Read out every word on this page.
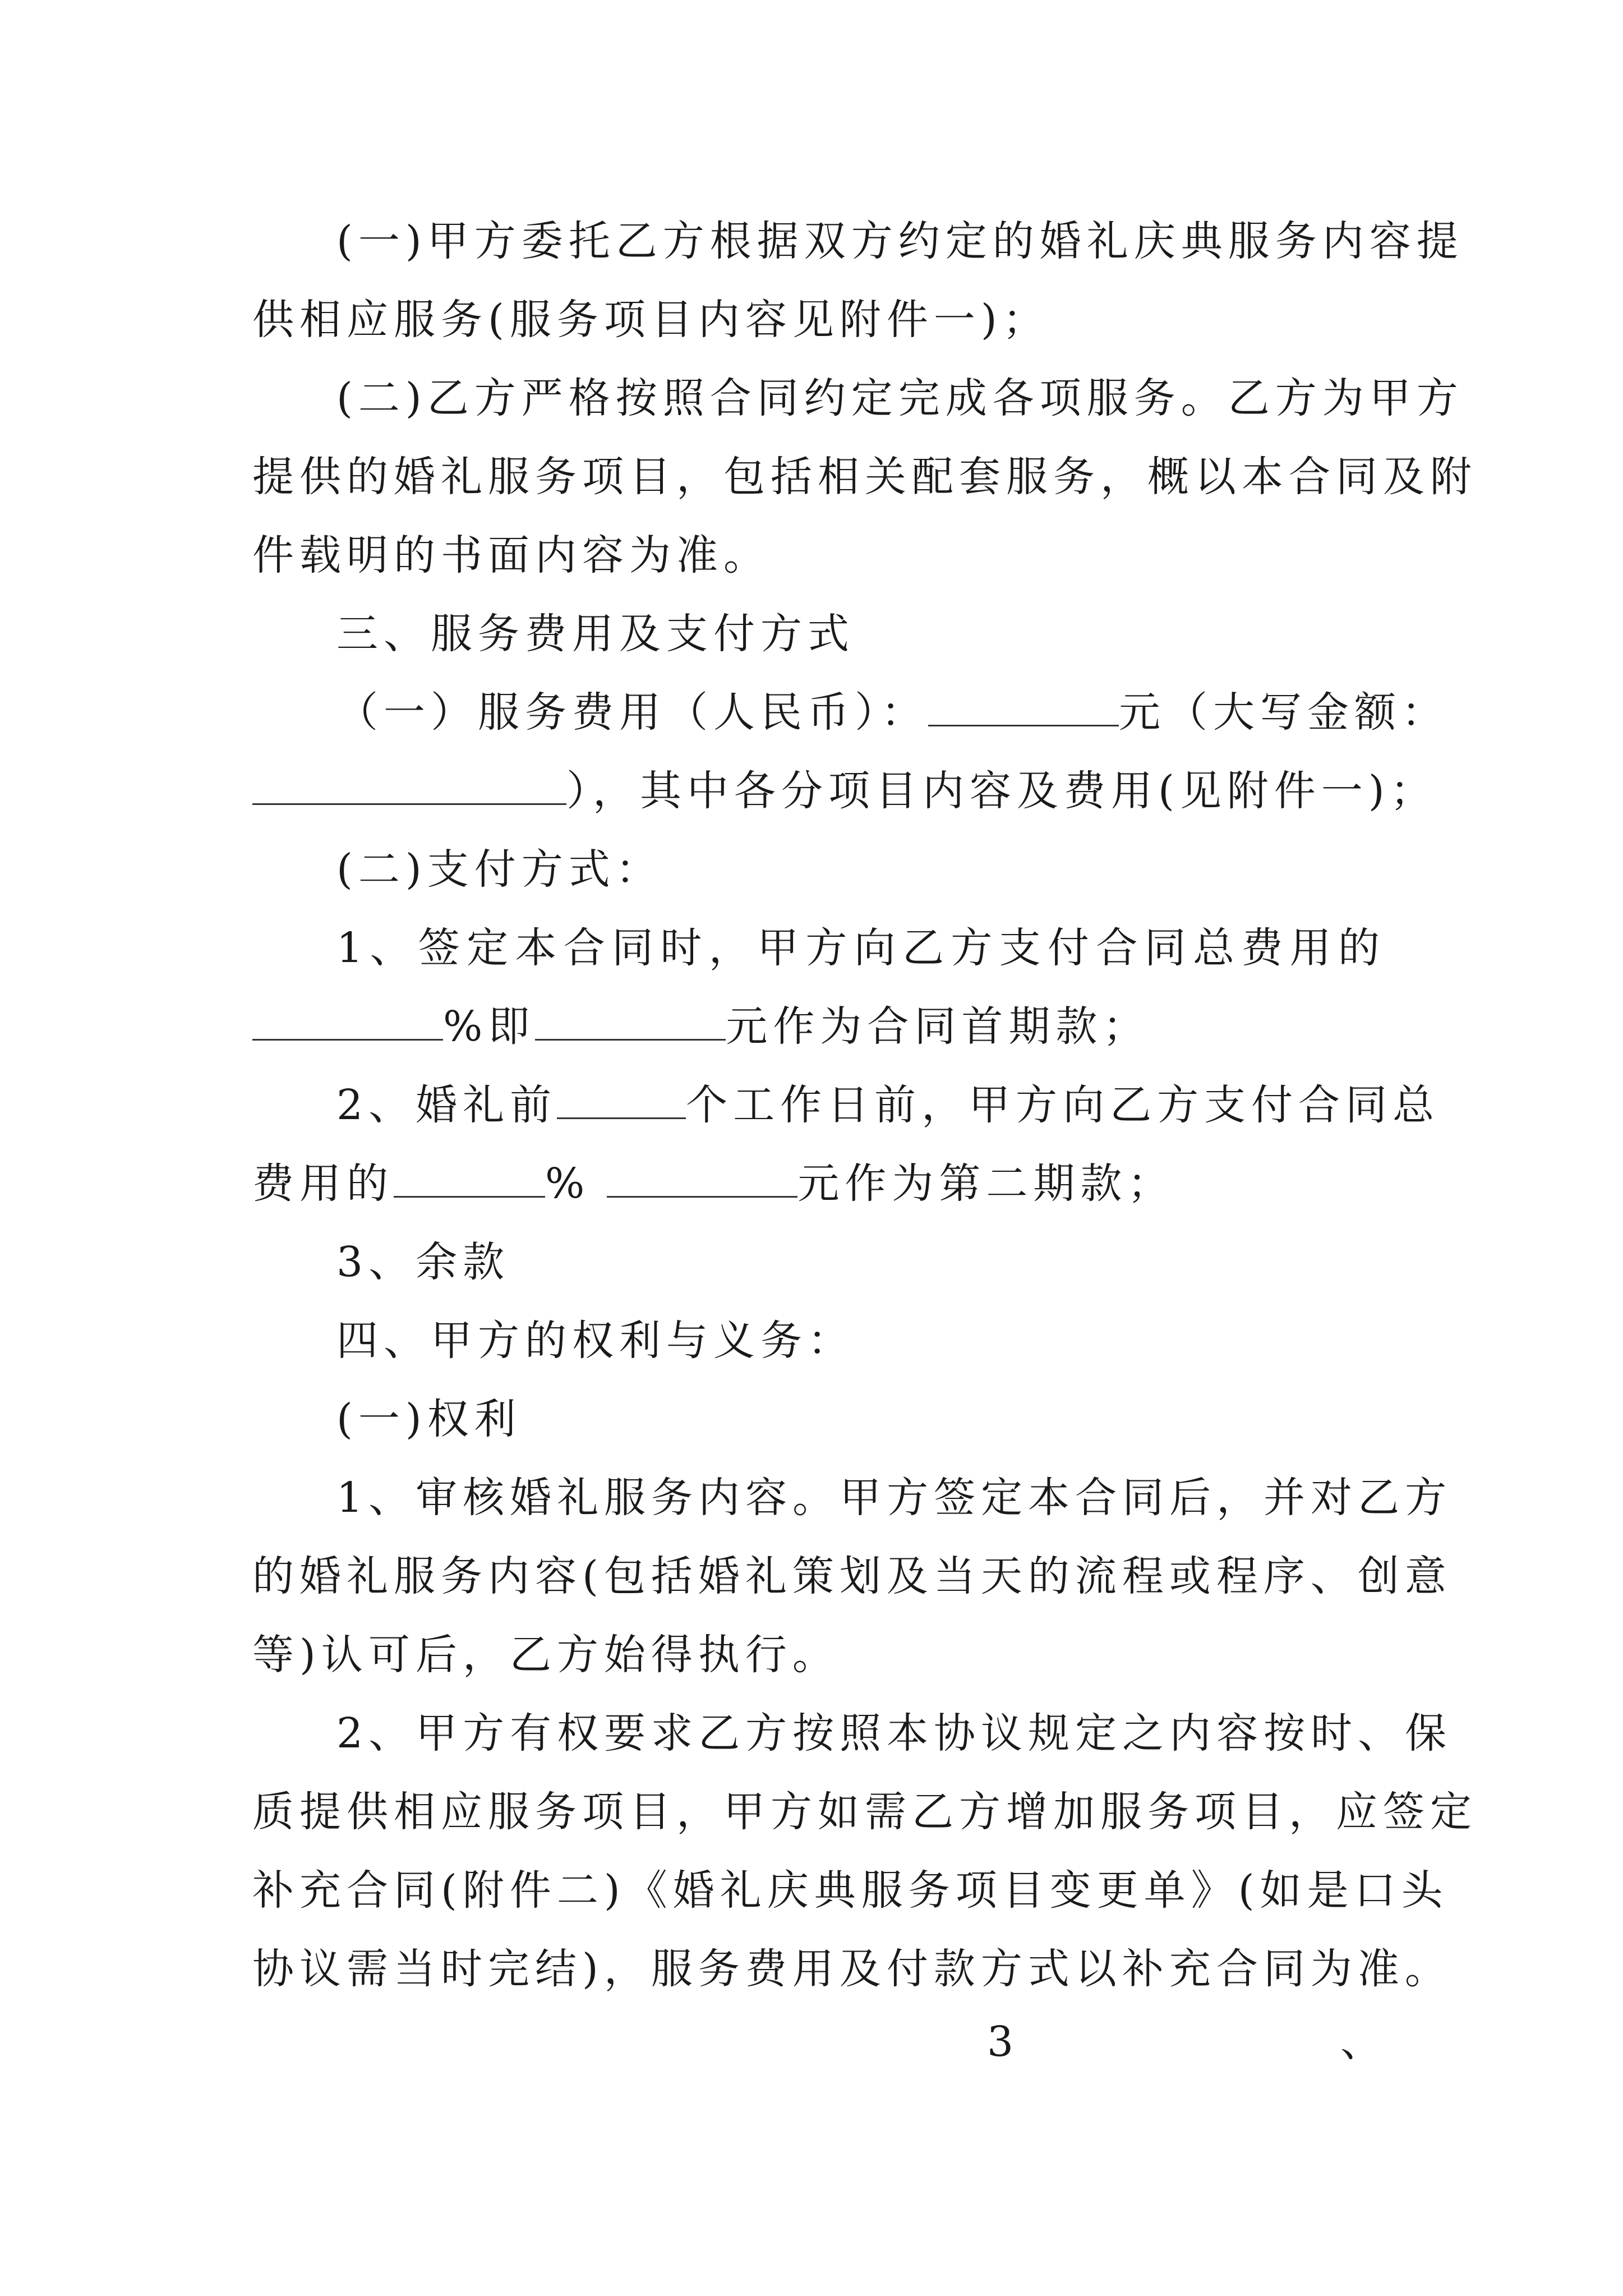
(一)甲方委托乙方根据双方约定的婚礼庆典服务内容提
供相应服务(服务项目内容见附件一)；
(二)乙方严格按照合同约定完成各项服务。乙方为甲方
提供的婚礼服务项目，包括相关配套服务，概以本合同及附
件载明的书面内容为准。
三、服务费用及支付方式
（一）服务费用（人民币）：	元（大写金额：
），其中各分项目内容及费用(见附件一)；
(二)支付方式：
1、签定本合同时，甲方向乙方支付合同总费用的
%即	元作为合同首期款；
2、婚礼前	个工作日前，甲方向乙方支付合同总
费用的	%	元作为第二期款；
3、余款
四、甲方的权利与义务：
(一)权利
1、审核婚礼服务内容。甲方签定本合同后，并对乙方
的婚礼服务内容(包括婚礼策划及当天的流程或程序、创意
等)认可后，乙方始得执行。
2、甲方有权要求乙方按照本协议规定之内容按时、保
质提供相应服务项目，甲方如需乙方增加服务项目，应签定
补充合同(附件二)《婚礼庆典服务项目变更单》(如是口头
协议需当时完结)，服务费用及付款方式以补充合同为准。
3	、
